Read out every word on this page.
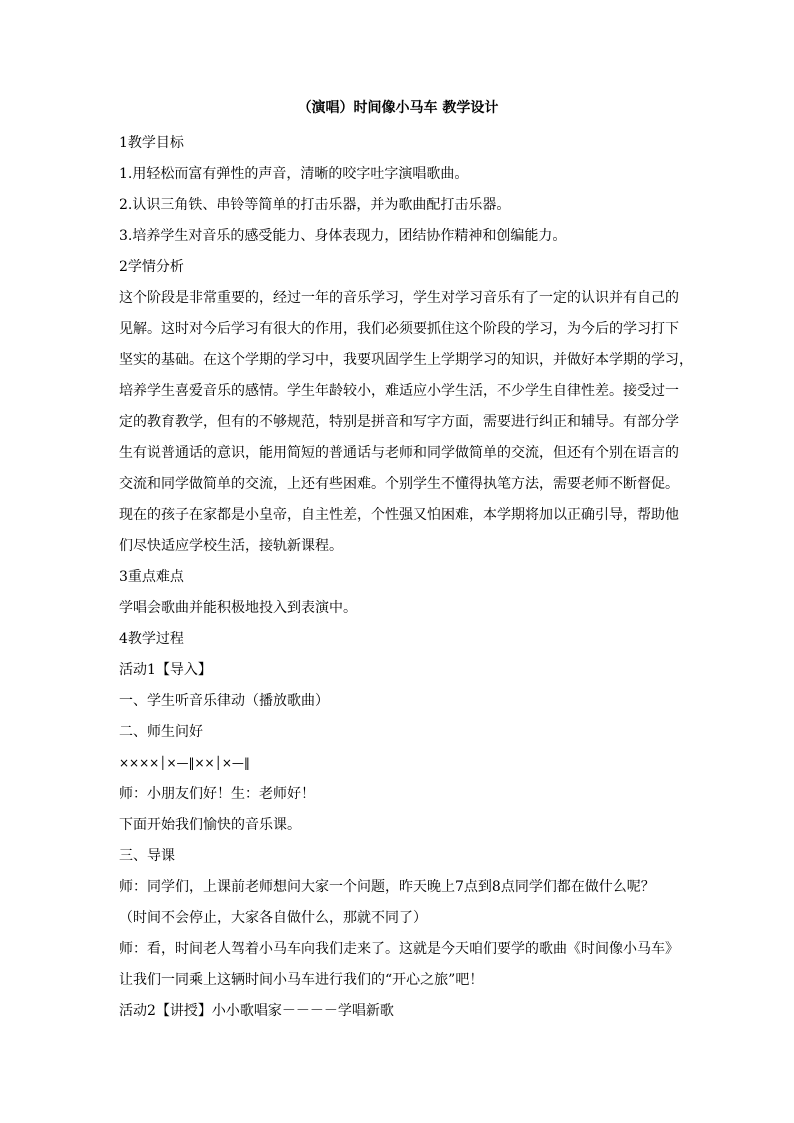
（演唱）时间像小马车 教学设计

1教学目标

1.用轻松而富有弹性的声音，清晰的咬字吐字演唱歌曲。

2.认识三角铁、串铃等简单的打击乐器，并为歌曲配打击乐器。

3.培养学生对音乐的感受能力、身体表现力，团结协作精神和创编能力。

2学情分析

这个阶段是非常重要的，经过一年的音乐学习，学生对学习音乐有了一定的认识并有自己的
见解。这时对今后学习有很大的作用，我们必须要抓住这个阶段的学习，为今后的学习打下
坚实的基础。在这个学期的学习中，我要巩固学生上学期学习的知识，并做好本学期的学习，
培养学生喜爱音乐的感情。学生年龄较小，难适应小学生活，不少学生自律性差。接受过一
定的教育教学，但有的不够规范，特别是拼音和写字方面，需要进行纠正和辅导。有部分学
生有说普通话的意识，能用简短的普通话与老师和同学做简单的交流，但还有个别在语言的
交流和同学做简单的交流，上还有些困难。个别学生不懂得执笔方法，需要老师不断督促。
现在的孩子在家都是小皇帝，自主性差，个性强又怕困难，本学期将加以正确引导，帮助他
们尽快适应学校生活，接轨新课程。

3重点难点

学唱会歌曲并能积极地投入到表演中。

4教学过程

活动1【导入】

一、学生听音乐律动（播放歌曲）

二、师生问好

××××│×—‖××│×—‖

师：小朋友们好！生：老师好！

下面开始我们愉快的音乐课。

三、导课

师：同学们，上课前老师想问大家一个问题，昨天晚上7点到8点同学们都在做什么呢？

（时间不会停止，大家各自做什么，那就不同了）

师：看，时间老人驾着小马车向我们走来了。这就是今天咱们要学的歌曲《时间像小马车》

让我们一同乘上这辆时间小马车进行我们的“开心之旅”吧！

活动2【讲授】小小歌唱家－－－－学唱新歌
